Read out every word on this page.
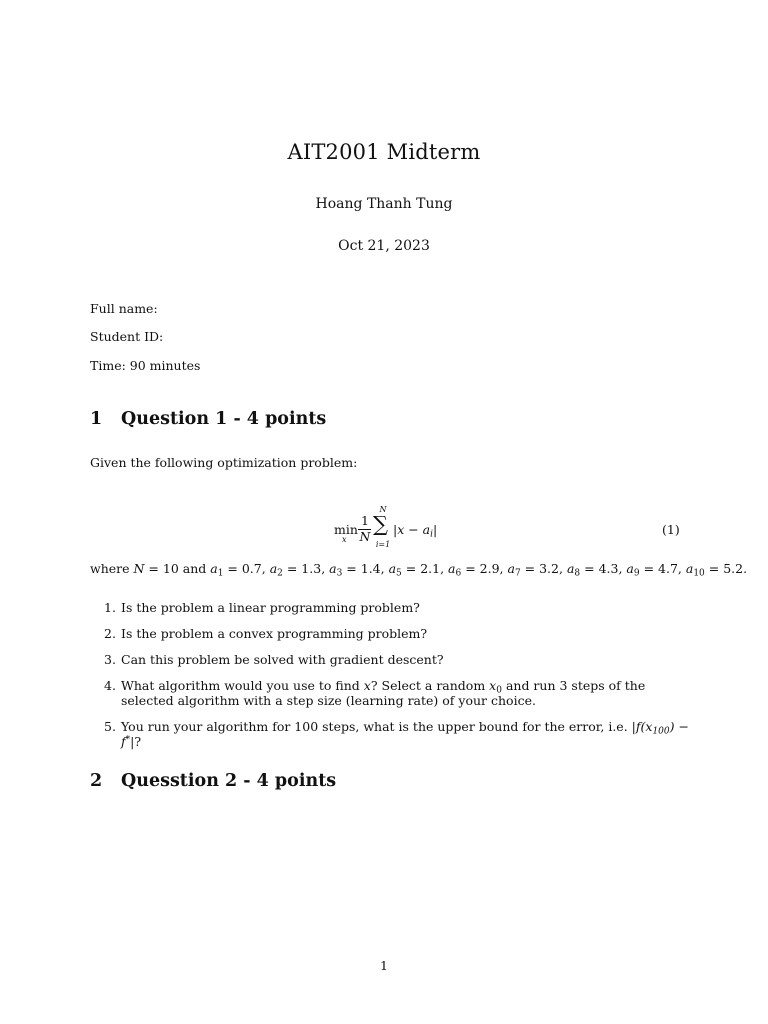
AIT2001 Midterm
Hoang Thanh Tung
Oct 21, 2023
Full name:
Student ID:
Time: 90 minutes
1 Question 1 - 4 points
Given the following optimization problem:
min
x
1
N
N
∑
i=1
$|x - a_i|$	(1)
where N = 10 and $a_1 = 0.7$, $a_2 = 1.3$, $a_3 = 1.4$, $a_5 = 2.1$, $a_6 = 2.9$, $a_7 = 3.2$, $a_8 = 4.3$, $a_9 = 4.7$, $a_{10} = 5.2$.
1. Is the problem a linear programming problem?
2. Is the problem a convex programming problem?
3. Can this problem be solved with gradient descent?
4. What algorithm would you use to find x? Select a random $x_0$ and run 3 steps of the selected algorithm with a step size (learning rate) of your choice.
5. You run your algorithm for 100 steps, what is the upper bound for the error, i.e. $|f(x_{100}) - f^*|$?
2 Quesstion 2 - 4 points
1
